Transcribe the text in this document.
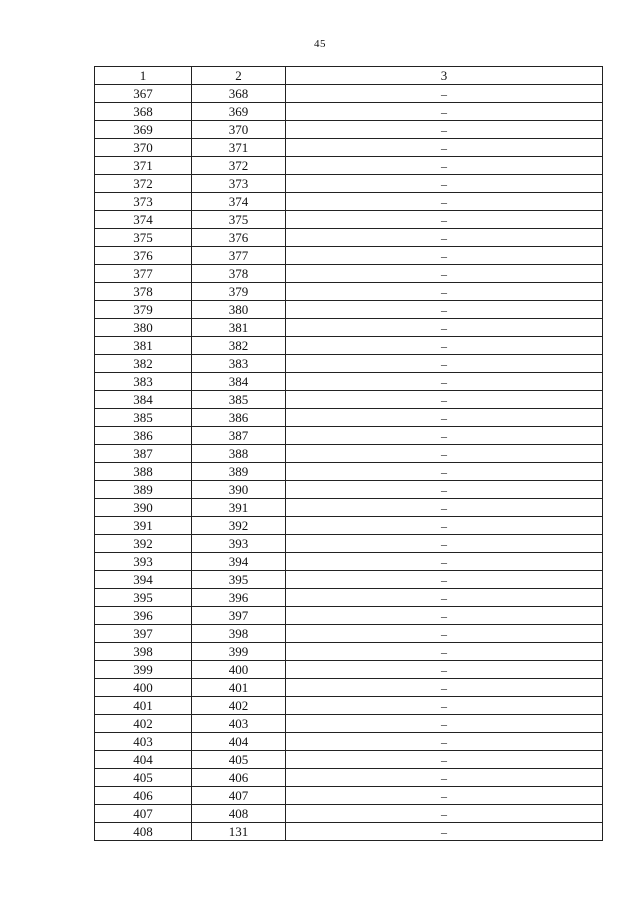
45
1	2	3
367	368	–
368	369	–
369	370	–
370	371	–
371	372	–
372	373	–
373	374	–
374	375	–
375	376	–
376	377	–
377	378	–
378	379	–
379	380	–
380	381	–
381	382	–
382	383	–
383	384	–
384	385	–
385	386	–
386	387	–
387	388	–
388	389	–
389	390	–
390	391	–
391	392	–
392	393	–
393	394	–
394	395	–
395	396	–
396	397	–
397	398	–
398	399	–
399	400	–
400	401	–
401	402	–
402	403	–
403	404	–
404	405	–
405	406	–
406	407	–
407	408	–
408	131	–
